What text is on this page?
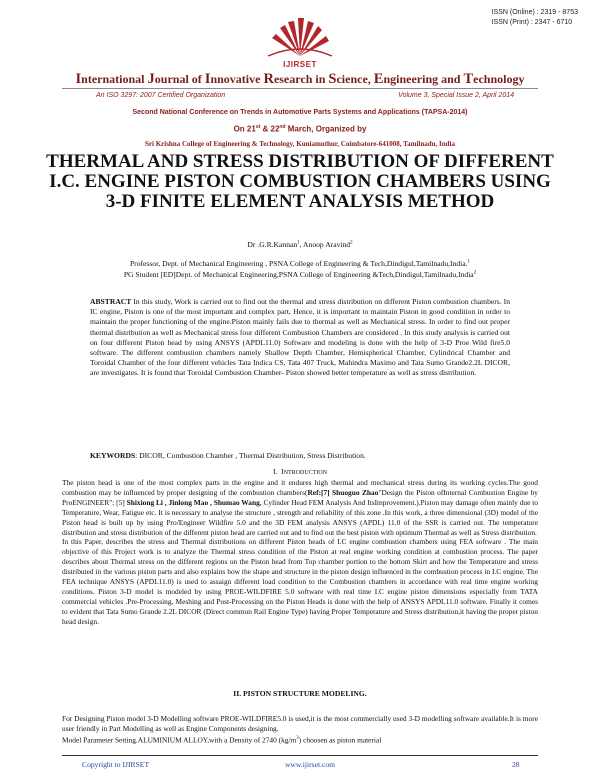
ISSN (Online) : 2319 - 8753
ISSN (Print) : 2347 - 6710
IJIRSET
International Journal of Innovative Research in Science, Engineering and Technology
An ISO 3297: 2007 Certified Organization	Volume 3, Special Issue 2, April 2014
Second National Conference on Trends in Automotive Parts Systems and Applications (TAPSA-2014)
On 21st & 22nd March, Organized by
Sri Krishna College of Engineering & Technology, Kuniamuthur, Coimbatore-641008, Tamilnadu, India
THERMAL AND STRESS DISTRIBUTION OF DIFFERENT I.C. ENGINE PISTON COMBUSTION CHAMBERS USING 3-D FINITE ELEMENT ANALYSIS METHOD
Dr .G.R.Kannan$^1$, Anoop Aravind$^2$
Professor, Dept. of Mechanical Engineering , PSNA College of Engineering & Tech,Dindigul,Tamilnadu,India.$^1$
PG Student [ED]Dept. of Mechanical Engineering,PSNA College of Engineering &Tech,Dindigul,Tamilnadu,India$^2$
ABSTRACT In this study, Work is carried out to find out the thermal and stress distribution on different Piston combustion chambers. In IC engine, Piston is one of the most important and complex part, Hence, it is important to maintain Piston in good condition in order to maintain the proper functioning of the engine.Piston mainly fails due to thermal as well as Mechanical stress. In order to find out proper thermal distribution as well as Mechanical stress four different Combustion Chambers are considered . In this study analysis is carried out on four different Piston head by using ANSYS (APDL11.0) Software and modeling is done with the help of 3-D Proe Wild fire5.0 software. The different combustion chambers namely Shallow Depth Chamber, Hemispherical Chamber, Cylindrical Chamber and Toroidal Chamber of the four different vehicles Tata Indica CS, Tata 407 Truck, Mahindra Maximo and Tata Sumo Grande2.2L DICOR, are investigates. It is found that Toroidal Combustion Chamber- Piston showed better temperature as well as stress distribution.
KEYWORDS: DICOR, Combustion Chamber , Thermal Distribution, Stress Distribution.
I. INTRODUCTION
The piston head is one of the most complex parts in the engine and it endures high thermal and mechanical stress during its working cycles.The good combustion may be influenced by proper designing of the combustion chambers(Ref:[7] Shuoguo Zhao"Design the Piston ofInternal Combustion Engine by ProENGINEER"; [5] Shixiong Li , Jinlong Mao , Shumao Wang, Cylinder Head FEM Analysis And ItsImprovement.).Piston may damage often mainly due to Temperature, Wear, Fatigue etc. It is necessary to analyse the structure , strength and reliability of this zone .In this work, a three dimensional (3D) model of the Piston head is built up by using Pro/Engineer Wildfire 5.0 and the 3D FEM analysis ANSYS (APDL) 11.0 of the SSR is carried out. The temperature distribution and stress distribution of the different piston head are carried out and to find out the best piston with optimum Thermal as well as Stress distribution.
In this Paper, describes the stress and Thermal distributions on different Piston heads of I.C engine combustion chambers using FEA software . The main objective of this Project work is to analyze the Thermal stress condition of the Piston at real engine working condition at combustion process. The paper describes about Thermal stress on the different regions on the Piston head from Top chamber portion to the bottom Skirt and how the Temperature and stress distributed in the various piston parts and also explains how the shape and structure in the piston design influenced in the combustion process in I.C engine. The FEA technique ANSYS (APDL11.0) is used to assaign different load condition to the Combustion chambers in accordance with real time engine working conditions. Piston 3-D model is modeled by using PROE-WILDFIRE 5.0 software with real time I.C engine piston dimensions especially from TATA commercial vehicles .Pre-Processing, Meshing and Post-Processing on the Piston Heads is done with the help of ANSYS APDL11.0 software. Finally it comes to evident that Tata Sumo Grande 2.2L DICOR (Direct common Rail Engine Type) having Proper Temperature and Stress distribution,it having the proper piston head design.
II. PISTON STRUCTURE MODELING.
For Designing Piston model 3-D Modelling software PROE-WILDFIRE5.0 is used,it is the most commercially used 3-D modelling software available.It is more user friendly in Part Modelling as well as Engine Components designing.
Model Parameter Setting.ALUMINIUM ALLOY,with a Density of 2740 $(kg/m^3)$ choosen as piston material
Copyright to IJIRSET	www.ijirset.com	28
